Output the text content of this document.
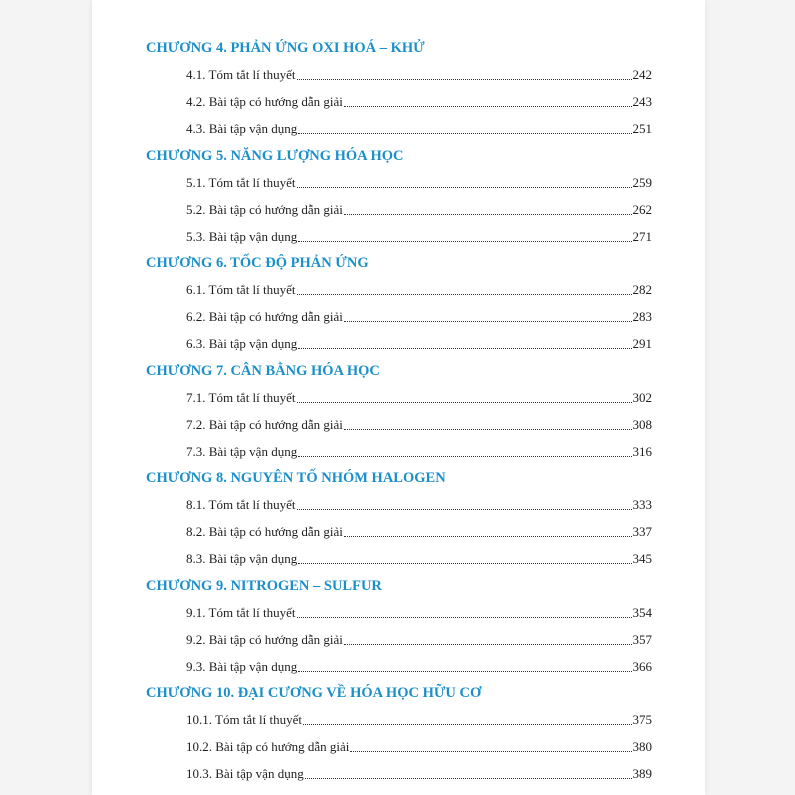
CHƯƠNG 4. PHẢN ỨNG OXI HOÁ – KHỬ
4.1. Tóm tắt lí thuyết	242
4.2. Bài tập có hướng dẫn giải	243
4.3. Bài tập vận dụng	251
CHƯƠNG 5. NĂNG LƯỢNG HÓA HỌC
5.1. Tóm tắt lí thuyết	259
5.2. Bài tập có hướng dẫn giải	262
5.3. Bài tập vận dụng	271
CHƯƠNG 6. TỐC ĐỘ PHẢN ỨNG
6.1. Tóm tắt lí thuyết	282
6.2. Bài tập có hướng dẫn giải	283
6.3. Bài tập vận dụng	291
CHƯƠNG 7. CÂN BẰNG HÓA HỌC
7.1. Tóm tắt lí thuyết	302
7.2. Bài tập có hướng dẫn giải	308
7.3. Bài tập vận dụng	316
CHƯƠNG 8. NGUYÊN TỐ NHÓM HALOGEN
8.1. Tóm tắt lí thuyết	333
8.2. Bài tập có hướng dẫn giải	337
8.3. Bài tập vận dụng	345
CHƯƠNG 9. NITROGEN – SULFUR
9.1. Tóm tắt lí thuyết	354
9.2. Bài tập có hướng dẫn giải	357
9.3. Bài tập vận dụng	366
CHƯƠNG 10. ĐẠI CƯƠNG VỀ HÓA HỌC HỮU CƠ
10.1. Tóm tắt lí thuyết	375
10.2. Bài tập có hướng dẫn giải	380
10.3. Bài tập vận dụng	389
